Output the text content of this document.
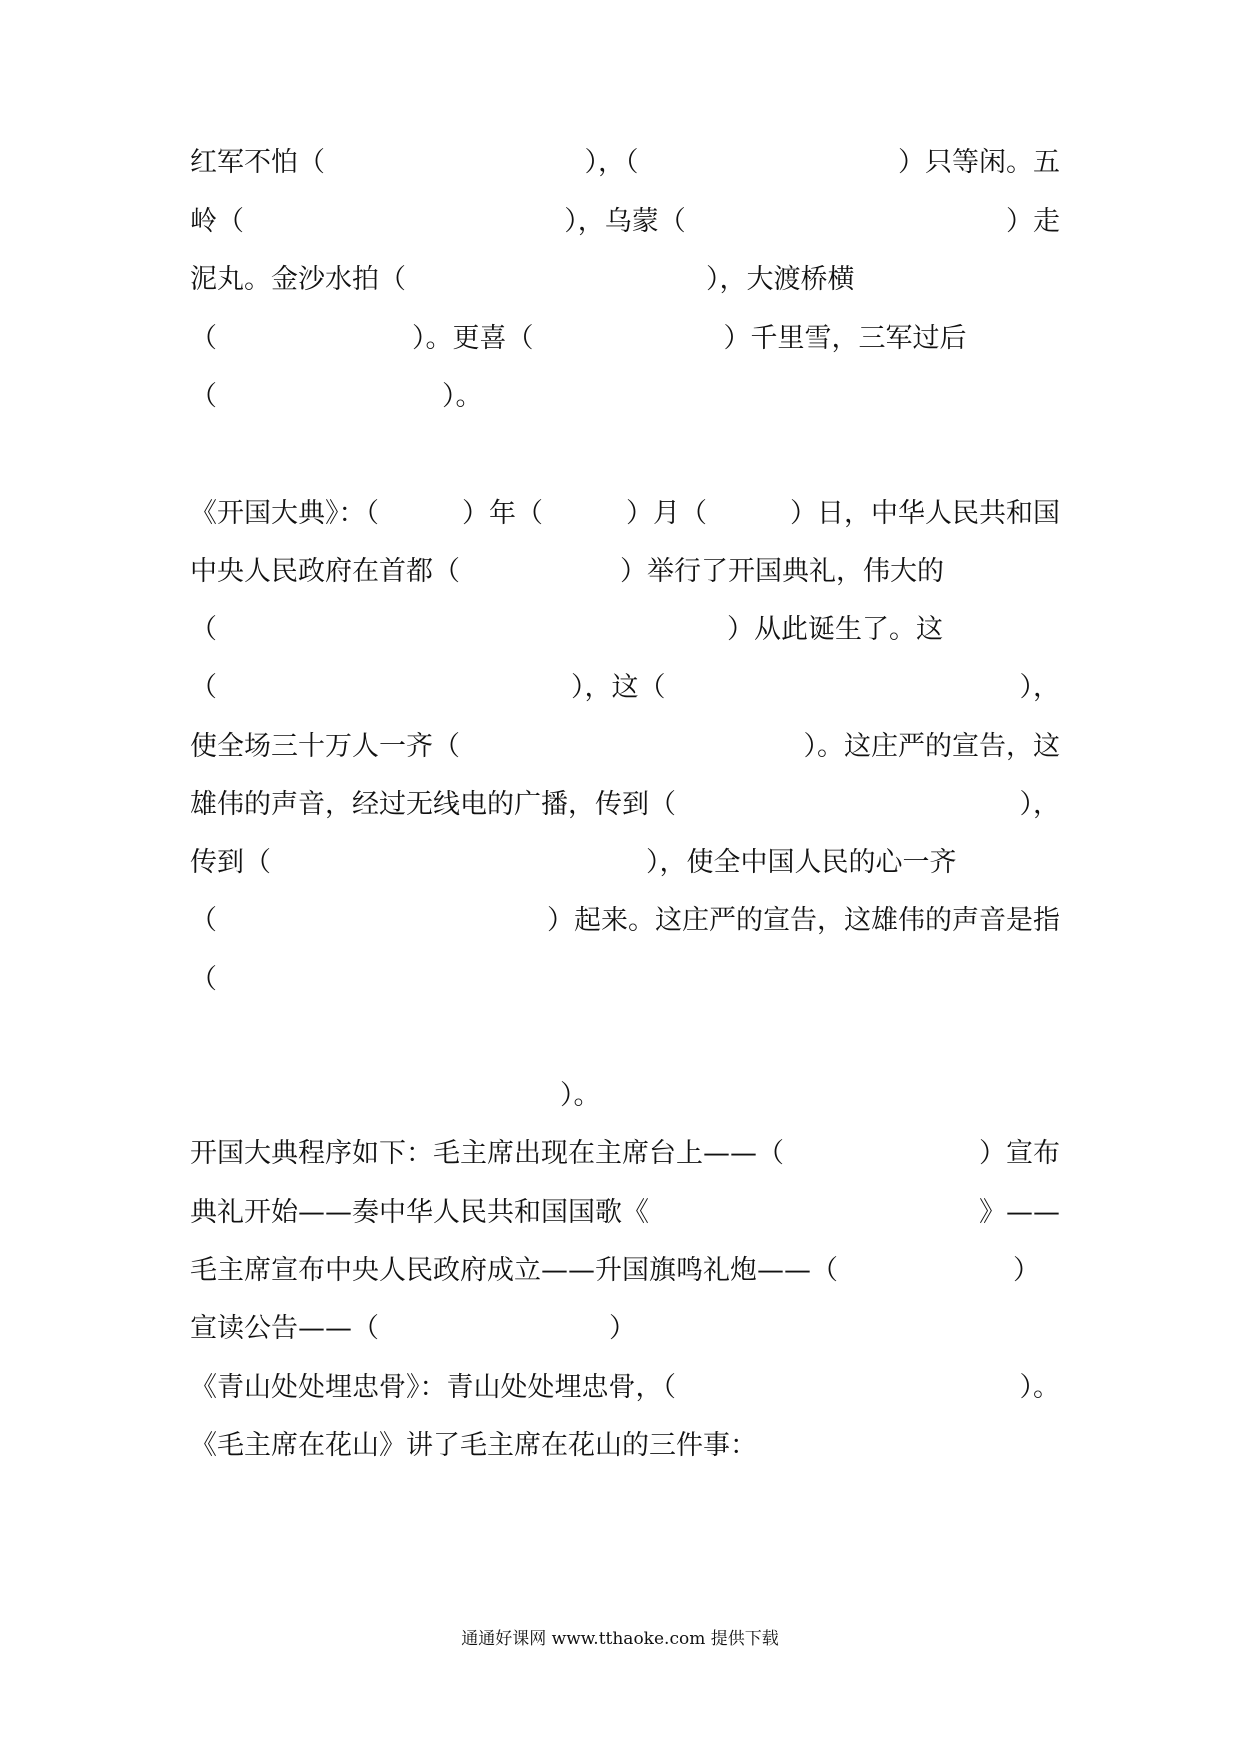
红军不怕（	），（	）只等闲。五
岭（	），乌蒙（	）走
泥丸。金沙水拍（	），大渡桥横
（	）。更喜（	）千里雪，三军过后
（	）。
《开国大典》：（	）年（	）月（	）日，中华人民共和国
中央人民政府在首都（	）举行了开国典礼，伟大的
（	）从此诞生了。这
（	），这（	），
使全场三十万人一齐（	）。这庄严的宣告，这
雄伟的声音，经过无线电的广播，传到（	），
传到（	），使全中国人民的心一齐
（	）起来。这庄严的宣告，这雄伟的声音是指
（
）。
开国大典程序如下：毛主席出现在主席台上——（	）宣布
典礼开始——奏中华人民共和国国歌《	》——
毛主席宣布中央人民政府成立——升国旗鸣礼炮——（	）
宣读公告——（	）
《青山处处埋忠骨》：青山处处埋忠骨，（	）。
《毛主席在花山》讲了毛主席在花山的三件事：
通通好课网 www.tthaoke.com 提供下载
